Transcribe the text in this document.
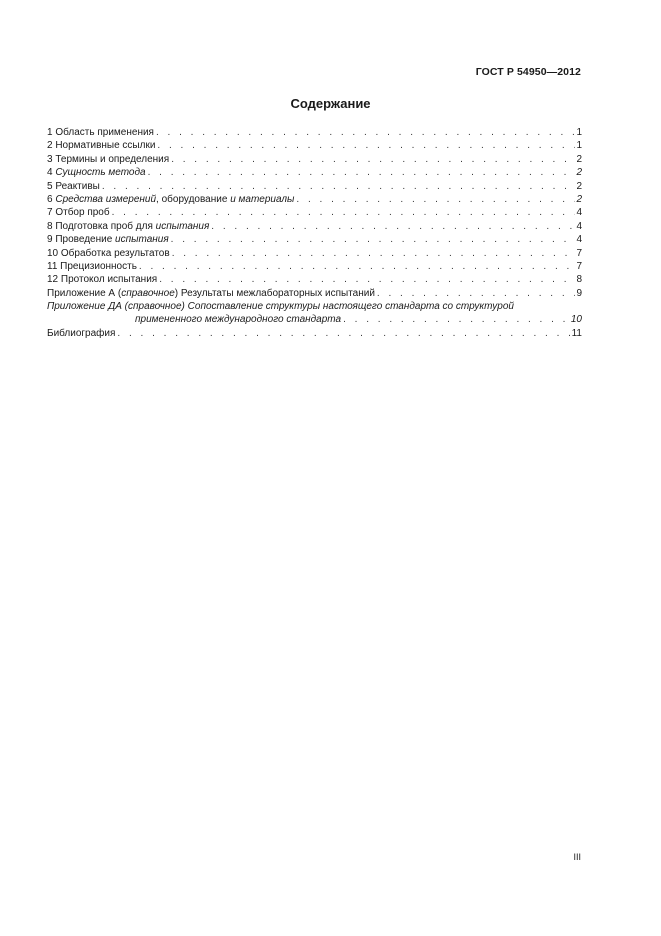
ГОСТ Р 54950—2012
Содержание
1 Область применения . . .	1
2 Нормативные ссылки . . .	1
3 Термины и определения . . .	2
4 Сущность метода . . .	2
5 Реактивы . . .	2
6 Средства измерений, оборудование и материалы . . .	2
7 Отбор проб . . .	4
8 Подготовка проб для испытания . . .	4
9 Проведение испытания . . .	4
10 Обработка результатов . . .	7
11 Прецизионность . . .	7
12 Протокол испытания . . .	8
Приложение А (справочное) Результаты межлабораторных испытаний . . .	9
Приложение ДА (справочное) Сопоставление структуры настоящего стандарта со структурой
примененного международного стандарта . . .	10
Библиография . . .	11
III
